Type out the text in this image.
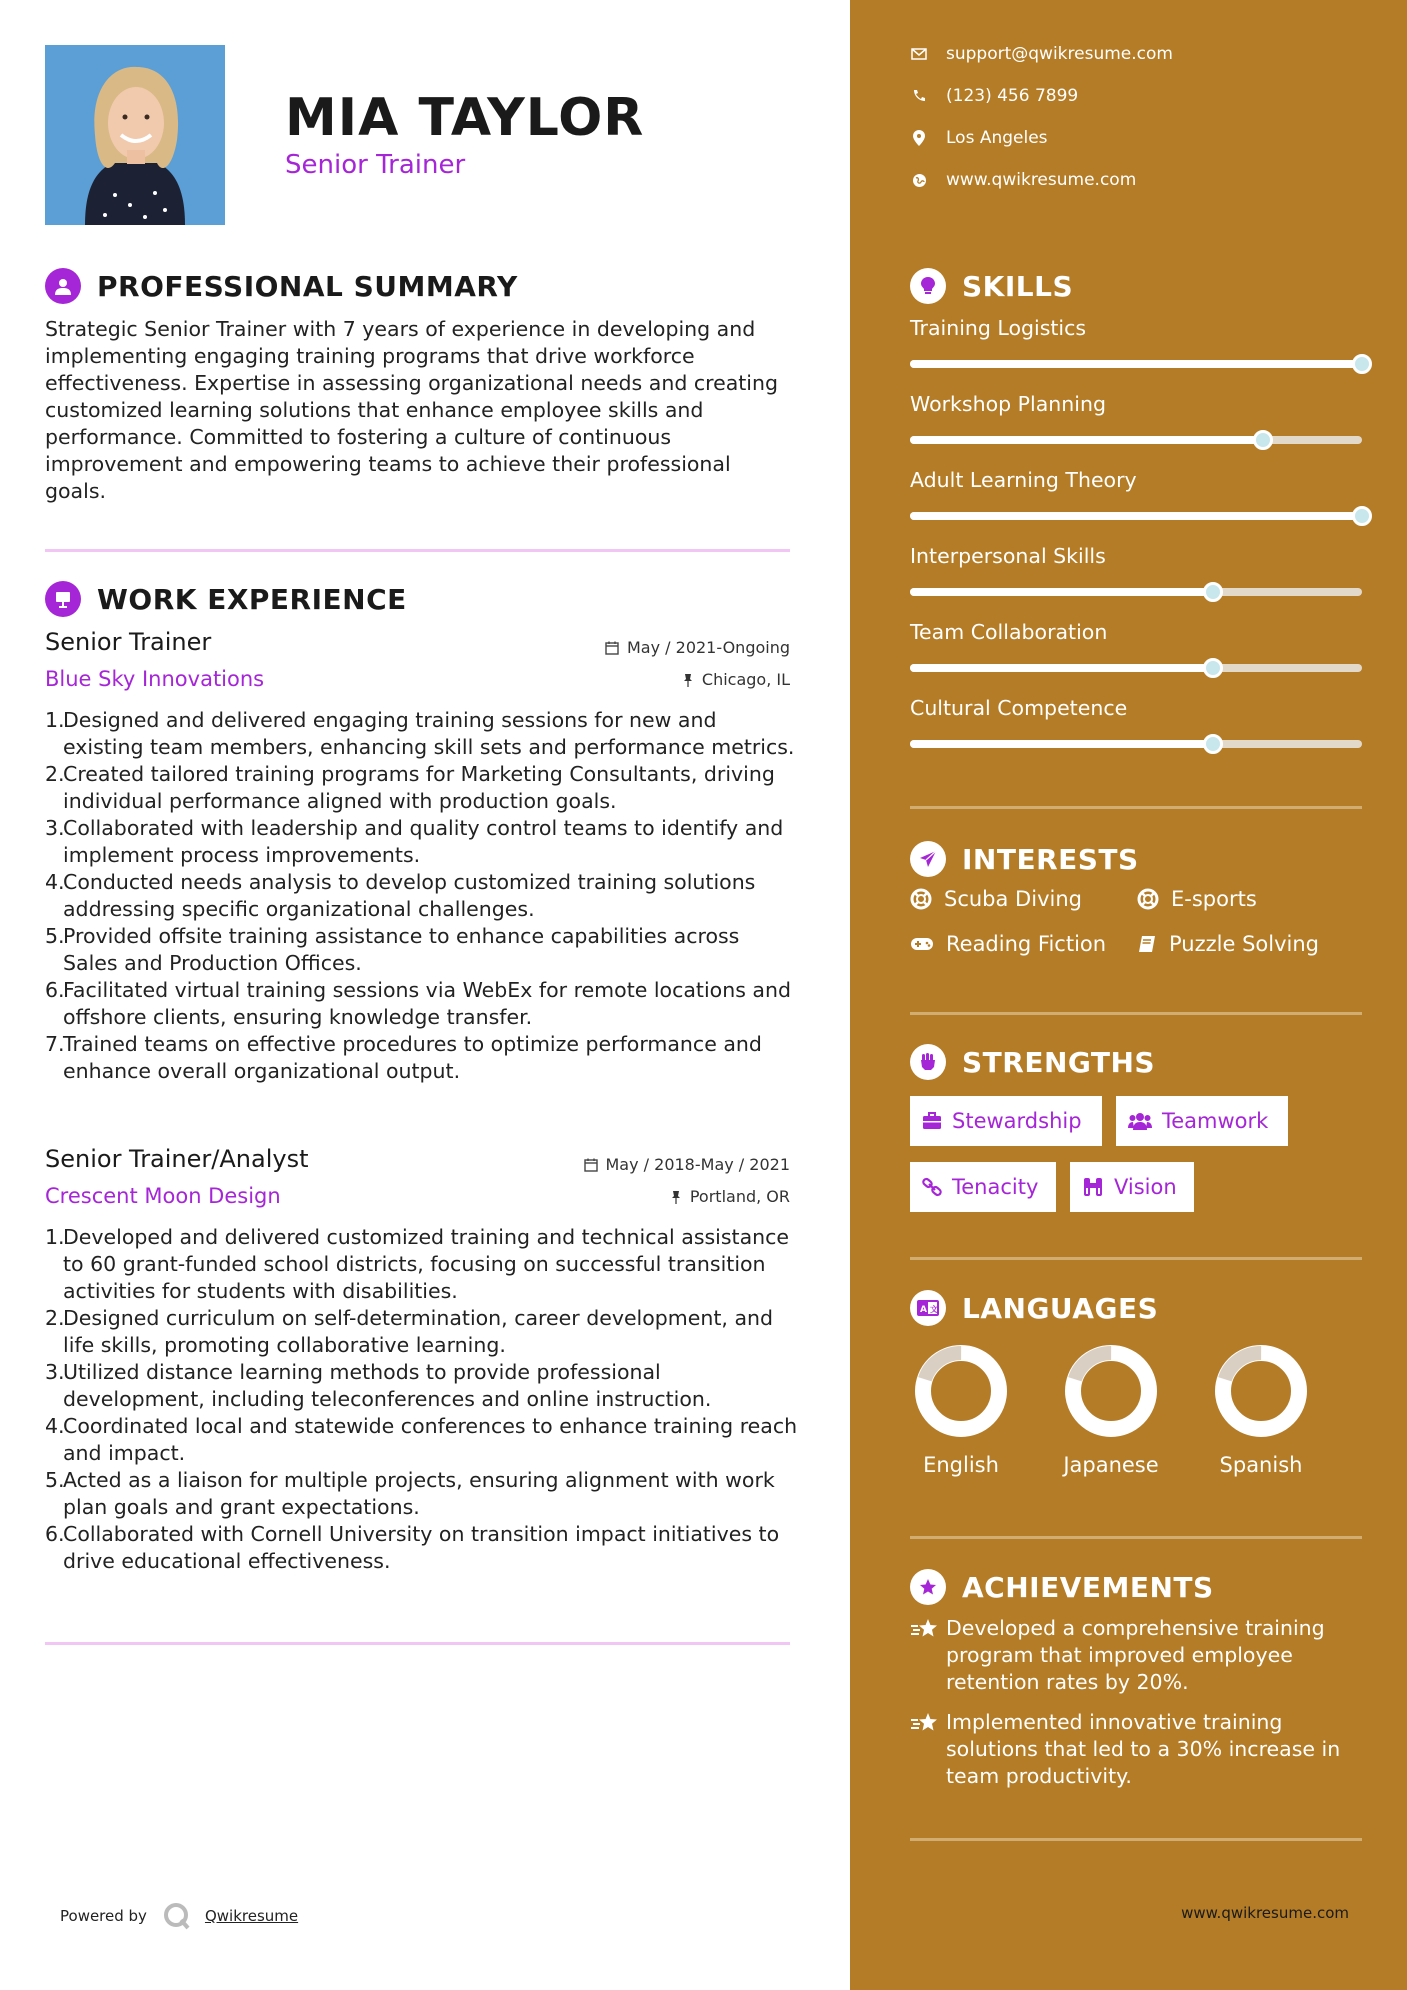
MIA TAYLOR
Senior Trainer
PROFESSIONAL SUMMARY
Strategic Senior Trainer with 7 years of experience in developing and implementing engaging training programs that drive workforce effectiveness. Expertise in assessing organizational needs and creating customized learning solutions that enhance employee skills and performance. Committed to fostering a culture of continuous improvement and empowering teams to achieve their professional goals.
WORK EXPERIENCE
Senior Trainer	May / 2021-Ongoing
Blue Sky Innovations	Chicago, IL
1.
Designed and delivered engaging training sessions for new and existing team members, enhancing skill sets and performance metrics.
2.
Created tailored training programs for Marketing Consultants, driving individual performance aligned with production goals.
3.
Collaborated with leadership and quality control teams to identify and implement process improvements.
4.
Conducted needs analysis to develop customized training solutions addressing specific organizational challenges.
5.
Provided offsite training assistance to enhance capabilities across Sales and Production Offices.
6.
Facilitated virtual training sessions via WebEx for remote locations and offshore clients, ensuring knowledge transfer.
7.
Trained teams on effective procedures to optimize performance and enhance overall organizational output.
Senior Trainer/Analyst	May / 2018-May / 2021
Crescent Moon Design	Portland, OR
1.
Developed and delivered customized training and technical assistance to 60 grant-funded school districts, focusing on successful transition activities for students with disabilities.
2.
Designed curriculum on self-determination, career development, and life skills, promoting collaborative learning.
3.
Utilized distance learning methods to provide professional development, including teleconferences and online instruction.
4.
Coordinated local and statewide conferences to enhance training reach and impact.
5.
Acted as a liaison for multiple projects, ensuring alignment with work plan goals and grant expectations.
6.
Collaborated with Cornell University on transition impact initiatives to drive educational effectiveness.
Powered by	Qwikresume
support@qwikresume.com
(123) 456 7899
Los Angeles
www.qwikresume.com
SKILLS
Training Logistics
Workshop Planning
Adult Learning Theory
Interpersonal Skills
Team Collaboration
Cultural Competence
INTERESTS
Scuba Diving	E-sports
Reading Fiction	Puzzle Solving
STRENGTHS
Stewardship	Teamwork
Tenacity	Vision
A 文 LANGUAGES
English	Japanese	Spanish
ACHIEVEMENTS
Developed a comprehensive training program that improved employee retention rates by 20%.
Implemented innovative training solutions that led to a 30% increase in team productivity.
www.qwikresume.com
